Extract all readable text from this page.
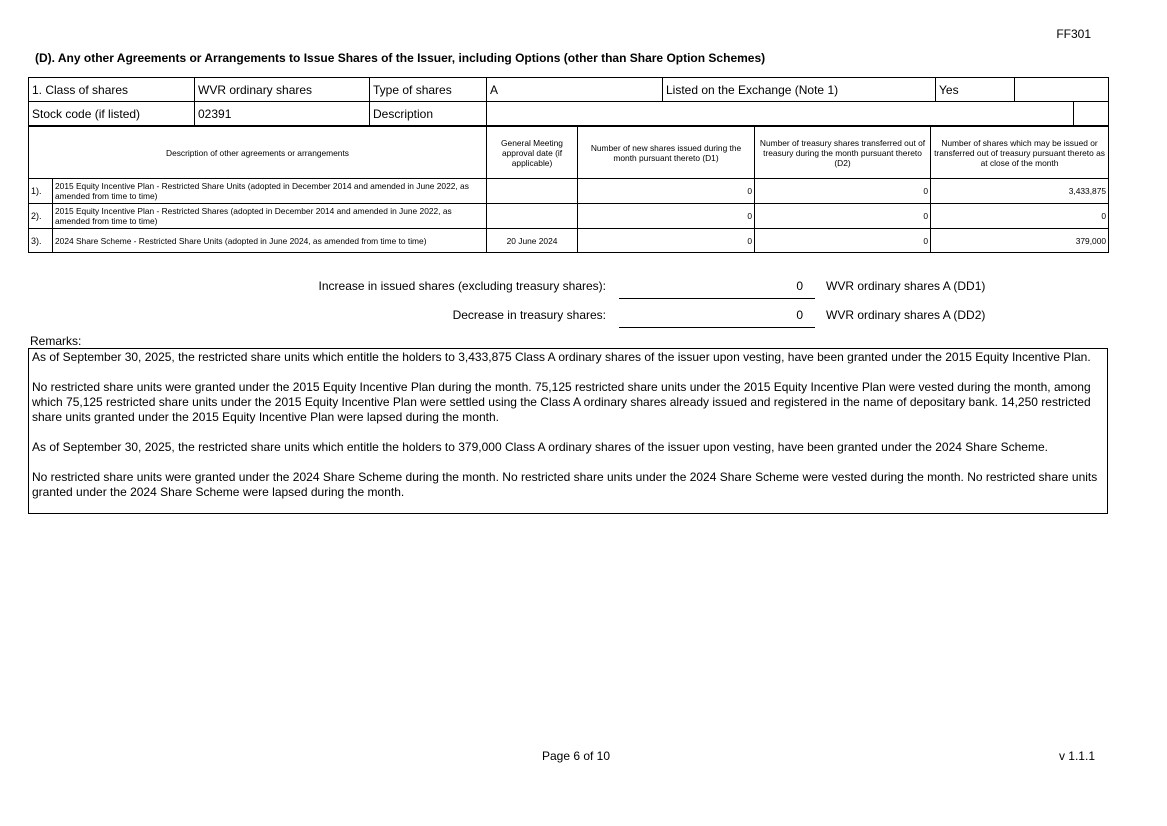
FF301
(D). Any other Agreements or Arrangements to Issue Shares of the Issuer, including Options (other than Share Option Schemes)
1. Class of shares	WVR ordinary shares	Type of shares	A	Listed on the Exchange (Note 1)	Yes		
Stock code (if listed)	02391	Description					
Description of other agreements or arrangements		General Meeting approval date (if applicable)	Number of new shares issued during the month pursuant thereto (D1)	Number of treasury shares transferred out of treasury during the month pursuant thereto (D2)	Number of shares which may be issued or transferred out of treasury pursuant thereto as at close of the month
1).	2015 Equity Incentive Plan - Restricted Share Units (adopted in December 2014 and amended in June 2022, as amended from time to time)		0	0	3,433,875
2).	2015 Equity Incentive Plan - Restricted Shares (adopted in December 2014 and amended in June 2022, as amended from time to time)		0	0	0
3).	2024 Share Scheme - Restricted Share Units (adopted in June 2024, as amended from time to time)	20 June 2024	0	0	379,000
Increase in issued shares (excluding treasury shares):	0	WVR ordinary shares A (DD1)
Decrease in treasury shares:	0	WVR ordinary shares A (DD2)
Remarks:

As of September 30, 2025, the restricted share units which entitle the holders to 3,433,875 Class A ordinary shares of the issuer upon vesting, have been granted under the 2015 Equity Incentive Plan.

No restricted share units were granted under the 2015 Equity Incentive Plan during the month. 75,125 restricted share units under the 2015 Equity Incentive Plan were vested during the month, among which 75,125 restricted share units under the 2015 Equity Incentive Plan were settled using the Class A ordinary shares already issued and registered in the name of depositary bank. 14,250 restricted share units granted under the 2015 Equity Incentive Plan were lapsed during the month.

As of September 30, 2025, the restricted share units which entitle the holders to 379,000 Class A ordinary shares of the issuer upon vesting, have been granted under the 2024 Share Scheme.

No restricted share units were granted under the 2024 Share Scheme during the month. No restricted share units under the 2024 Share Scheme were vested during the month. No restricted share units granted under the 2024 Share Scheme were lapsed during the month.

Page 6 of 10	v 1.1.1
